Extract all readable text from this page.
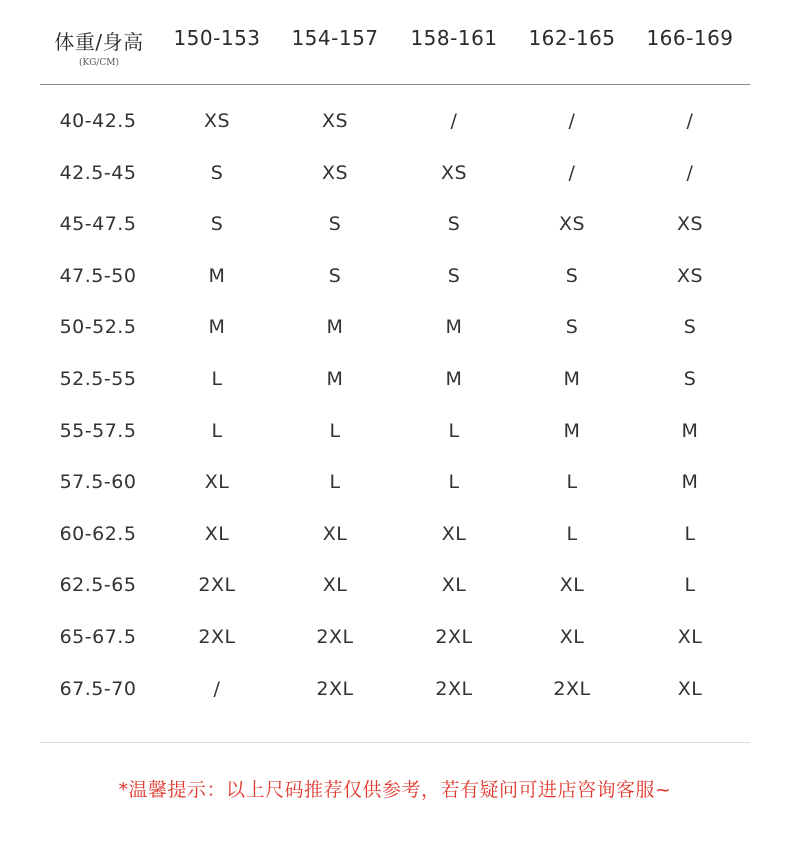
体重/身高
(KG/CM)
150-153	154-157	158-161	162-165	166-169
40-42.5	XS	XS	/	/	/
42.5-45	S	XS	XS	/	/
45-47.5	S	S	S	XS	XS
47.5-50	M	S	S	S	XS
50-52.5	M	M	M	S	S
52.5-55	L	M	M	M	S
55-57.5	L	L	L	M	M
57.5-60	XL	L	L	L	M
60-62.5	XL	XL	XL	L	L
62.5-65	2XL	XL	XL	XL	L
65-67.5	2XL	2XL	2XL	XL	XL
67.5-70	/	2XL	2XL	2XL	XL
*温馨提示：以上尺码推荐仅供参考，若有疑问可进店咨询客服~
